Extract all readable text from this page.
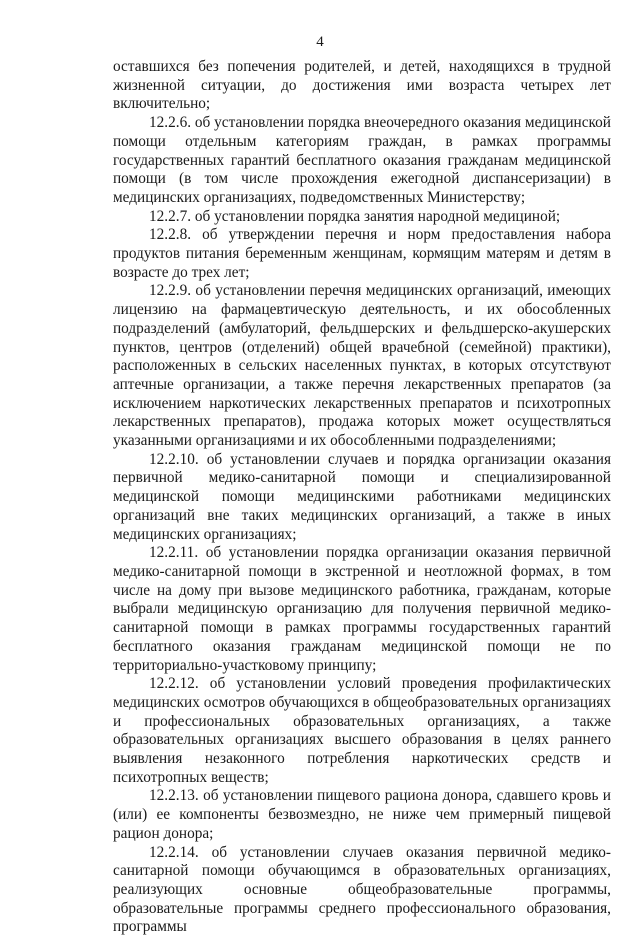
4

оставшихся без попечения родителей, и детей, находящихся в трудной жизненной ситуации, до достижения ими возраста четырех лет включительно;

12.2.6. об установлении порядка внеочередного оказания медицинской помощи отдельным категориям граждан, в рамках программы государственных гарантий бесплатного оказания гражданам медицинской помощи (в том числе прохождения ежегодной диспансеризации) в медицинских организациях, подведомственных Министерству;

12.2.7. об установлении порядка занятия народной медициной;

12.2.8. об утверждении перечня и норм предоставления набора продуктов питания беременным женщинам, кормящим матерям и детям в возрасте до трех лет;

12.2.9. об установлении перечня медицинских организаций, имеющих лицензию на фармацевтическую деятельность, и их обособленных подразделений (амбулаторий, фельдшерских и фельдшерско-акушерских пунктов, центров (отделений) общей врачебной (семейной) практики), расположенных в сельских населенных пунктах, в которых отсутствуют аптечные организации, а также перечня лекарственных препаратов (за исключением наркотических лекарственных препаратов и психотропных лекарственных препаратов), продажа которых может осуществляться указанными организациями и их обособленными подразделениями;

12.2.10. об установлении случаев и порядка организации оказания первичной медико-санитарной помощи и специализированной медицинской помощи медицинскими работниками медицинских организаций вне таких медицинских организаций, а также в иных медицинских организациях;

12.2.11. об установлении порядка организации оказания первичной медико-санитарной помощи в экстренной и неотложной формах, в том числе на дому при вызове медицинского работника, гражданам, которые выбрали медицинскую организацию для получения первичной медико-санитарной помощи в рамках программы государственных гарантий бесплатного оказания гражданам медицинской помощи не по территориально-участковому принципу;

12.2.12. об установлении условий проведения профилактических медицинских осмотров обучающихся в общеобразовательных организациях и профессиональных образовательных организациях, а также образовательных организациях высшего образования в целях раннего выявления незаконного потребления наркотических средств и психотропных веществ;

12.2.13. об установлении пищевого рациона донора, сдавшего кровь и (или) ее компоненты безвозмездно, не ниже чем примерный пищевой рацион донора;

12.2.14. об установлении случаев оказания первичной медико-санитарной помощи обучающимся в образовательных организациях, реализующих основные общеобразовательные программы, образовательные программы среднего профессионального образования, программы
